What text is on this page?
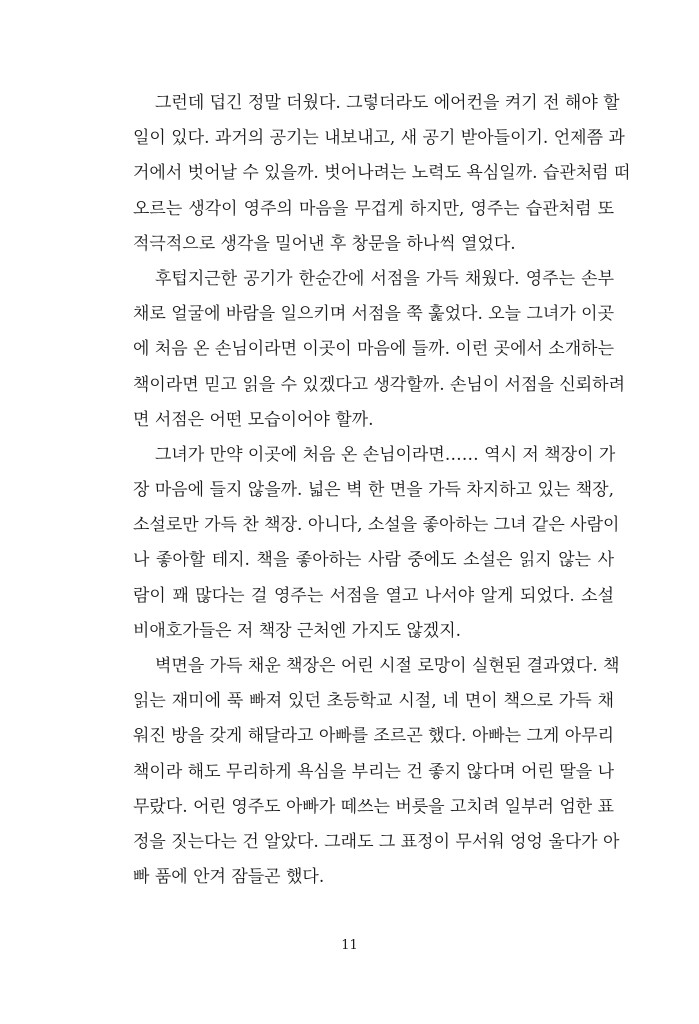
그런데 덥긴 정말 더웠다. 그렇더라도 에어컨을 켜기 전 해야 할
일이 있다. 과거의 공기는 내보내고, 새 공기 받아들이기. 언제쯤 과
거에서 벗어날 수 있을까. 벗어나려는 노력도 욕심일까. 습관처럼 떠
오르는 생각이 영주의 마음을 무겁게 하지만, 영주는 습관처럼 또
적극적으로 생각을 밀어낸 후 창문을 하나씩 열었다.
후텁지근한 공기가 한순간에 서점을 가득 채웠다. 영주는 손부
채로 얼굴에 바람을 일으키며 서점을 쭉 훑었다. 오늘 그녀가 이곳
에 처음 온 손님이라면 이곳이 마음에 들까. 이런 곳에서 소개하는
책이라면 믿고 읽을 수 있겠다고 생각할까. 손님이 서점을 신뢰하려
면 서점은 어떤 모습이어야 할까.
그녀가 만약 이곳에 처음 온 손님이라면…… 역시 저 책장이 가
장 마음에 들지 않을까. 넓은 벽 한 면을 가득 차지하고 있는 책장,
소설로만 가득 찬 책장. 아니다, 소설을 좋아하는 그녀 같은 사람이
나 좋아할 테지. 책을 좋아하는 사람 중에도 소설은 읽지 않는 사
람이 꽤 많다는 걸 영주는 서점을 열고 나서야 알게 되었다. 소설
비애호가들은 저 책장 근처엔 가지도 않겠지.
벽면을 가득 채운 책장은 어린 시절 로망이 실현된 결과였다. 책
읽는 재미에 푹 빠져 있던 초등학교 시절, 네 면이 책으로 가득 채
워진 방을 갖게 해달라고 아빠를 조르곤 했다. 아빠는 그게 아무리
책이라 해도 무리하게 욕심을 부리는 건 좋지 않다며 어린 딸을 나
무랐다. 어린 영주도 아빠가 떼쓰는 버릇을 고치려 일부러 엄한 표
정을 짓는다는 건 알았다. 그래도 그 표정이 무서워 엉엉 울다가 아
빠 품에 안겨 잠들곤 했다.
11
